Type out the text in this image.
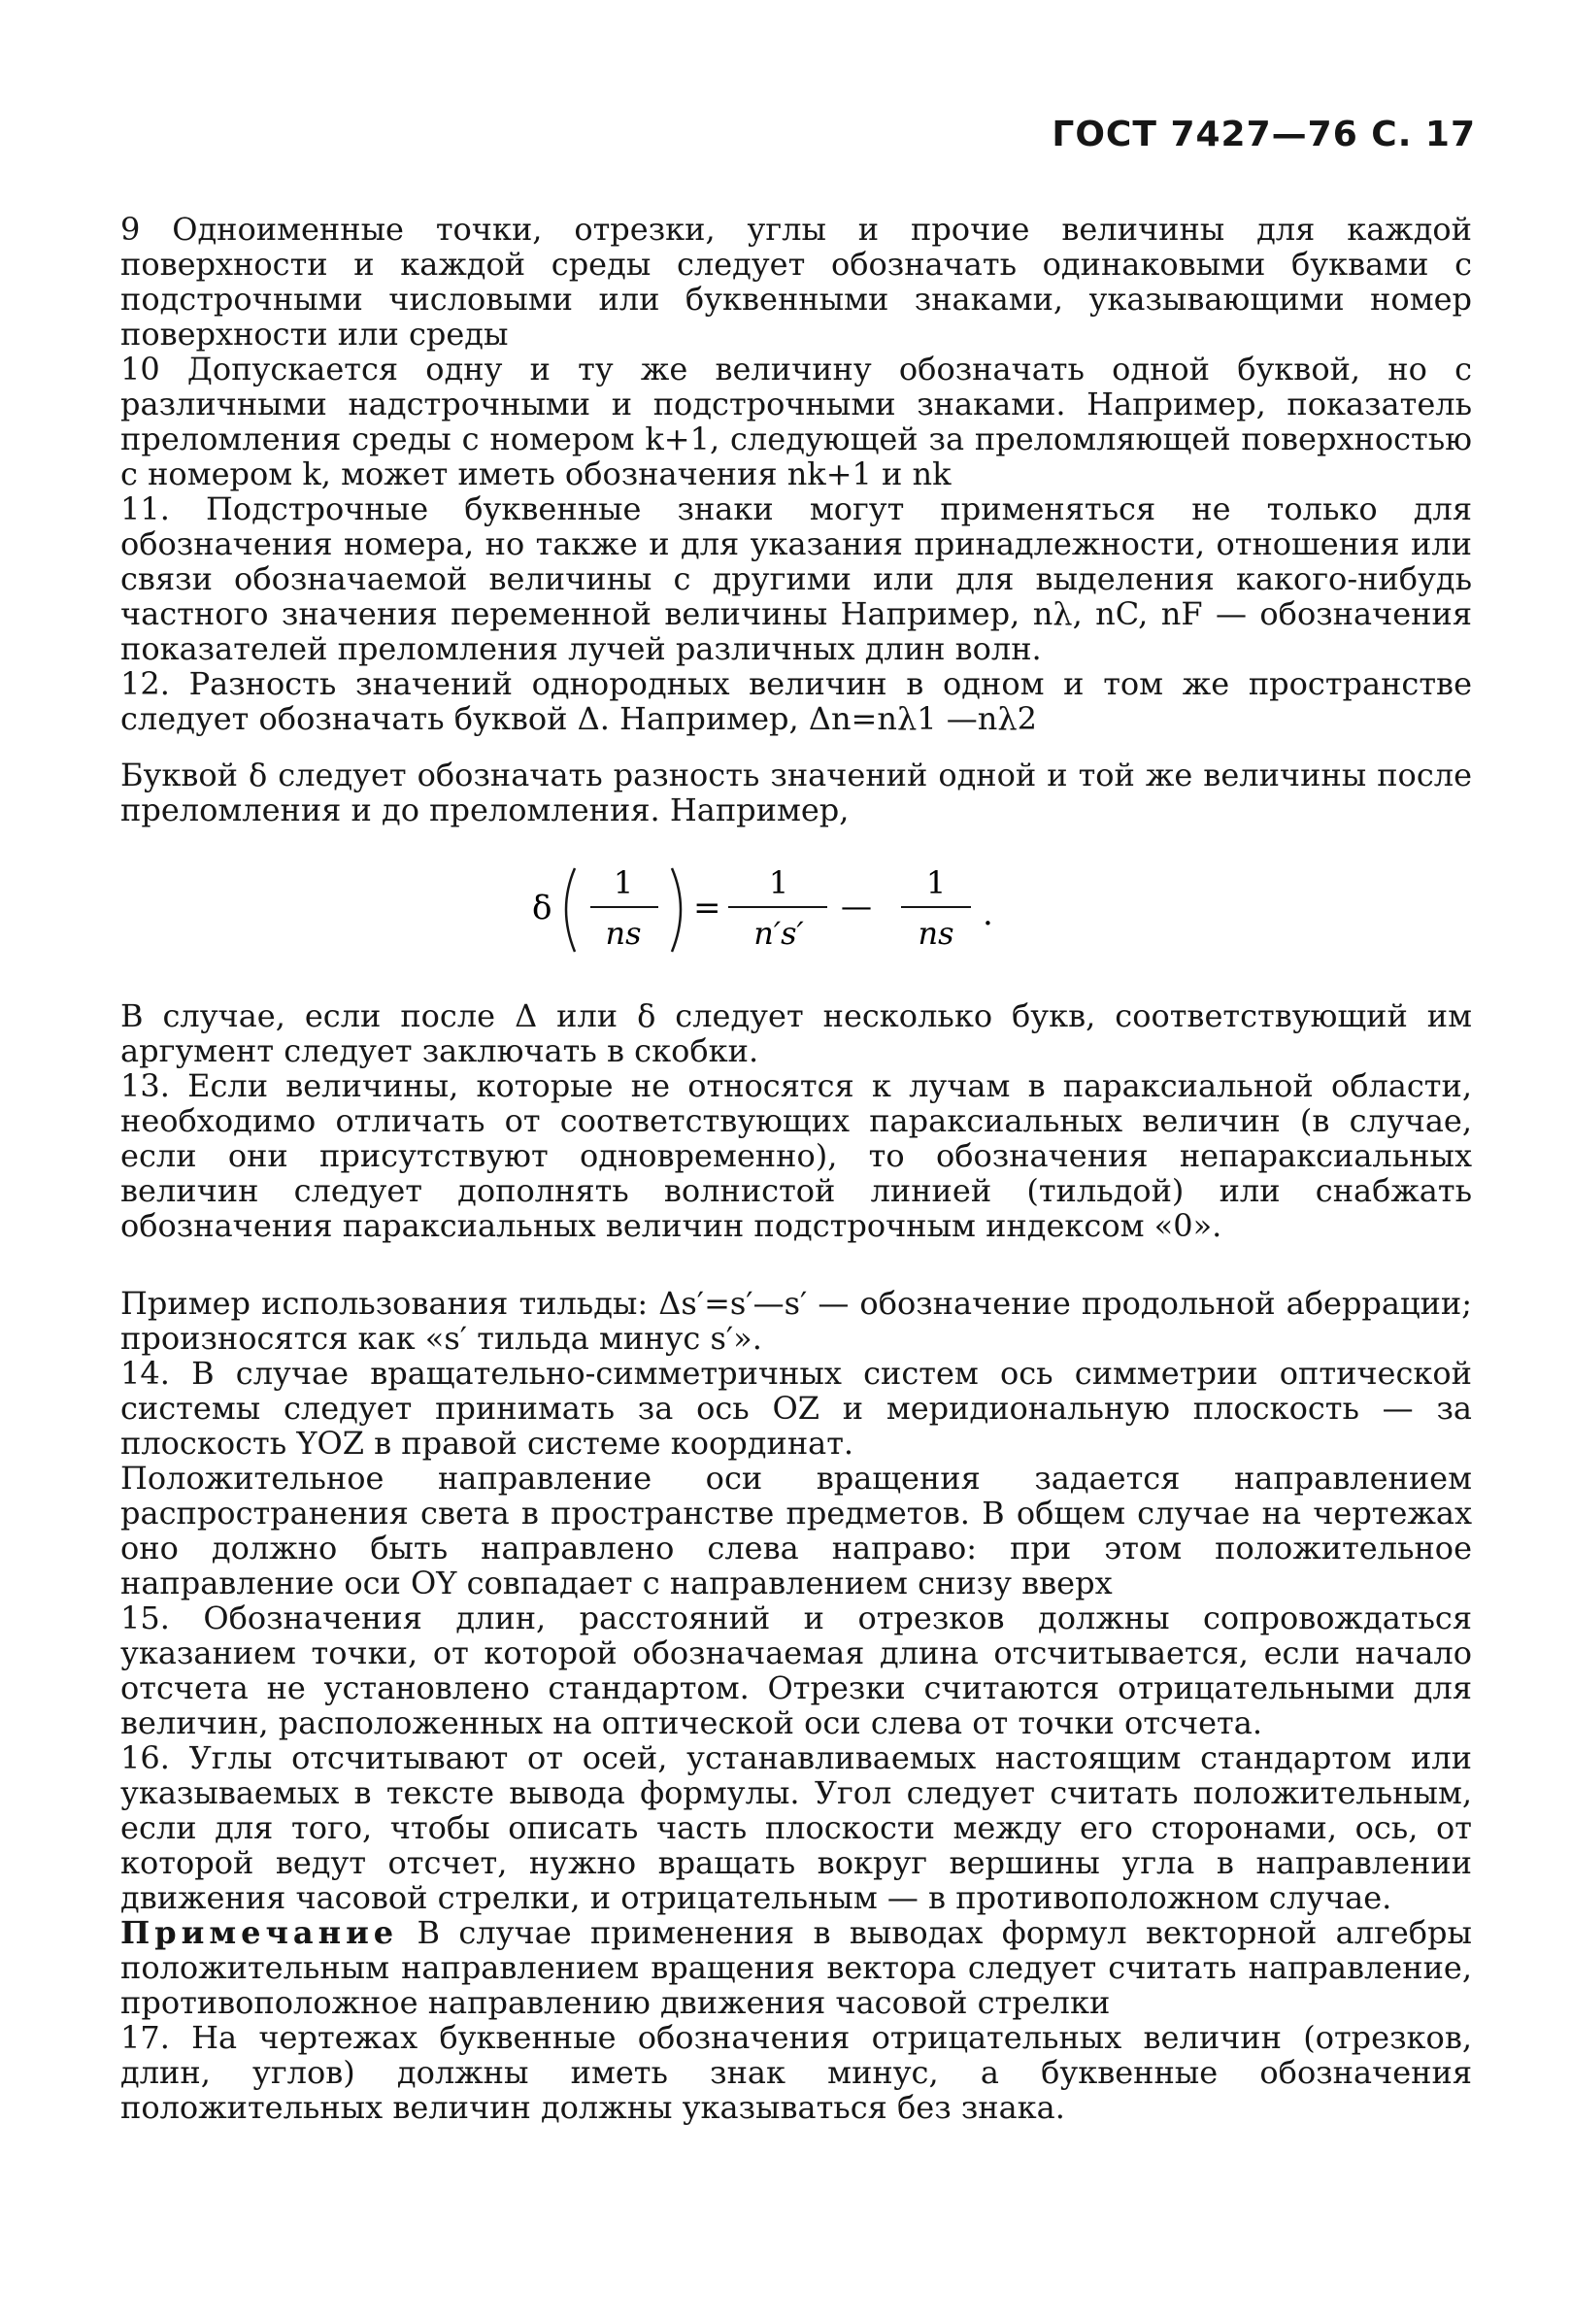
ГОСТ 7427—76 С. 17

9 Одноименные точки, отрезки, углы и прочие величины для каждой поверхности и каждой среды следует обозначать одинаковыми буквами с подстрочными числовыми или буквенными знаками, указывающими номер поверхности или среды

10 Допускается одну и ту же величину обозначать одной буквой, но с различными надстрочными и подстрочными знаками. Например, показатель преломления среды с номером k+1, следующей за преломляющей поверхностью с номером k, может иметь обозначения nk+1 и nk

11. Подстрочные буквенные знаки могут применяться не только для обозначения номера, но также и для указания принадлежности, отношения или связи обозначаемой величины с другими или для выделения какого-нибудь частного значения переменной величины Например, nλ, nC, nF — обозначения показателей преломления лучей различных длин волн.

12. Разность значений однородных величин в одном и том же пространстве следует обозначать буквой Δ. Например, Δn=nλ1 —nλ2

Буквой δ следует обозначать разность значений одной и той же величины после преломления и до преломления. Например,

δ
1
ns
=
1
n′s′
—
1
ns .

В случае, если после Δ или δ следует несколько букв, соответствующий им аргумент следует заключать в скобки.

13. Если величины, которые не относятся к лучам в параксиальной области, необходимо отличать от соответствующих параксиальных величин (в случае, если они присутствуют одновременно), то обозначения непараксиальных величин следует дополнять волнистой линией (тильдой) или снабжать обозначения параксиальных величин подстрочным индексом «0».

Пример использования тильды: Δs′=s′—s′ — обозначение продольной аберрации; произносятся как «s′ тильда минус s′».

14. В случае вращательно-симметричных систем ось симметрии оптической системы следует принимать за ось OZ и меридиональную плоскость — за плоскость YOZ в правой системе координат.

Положительное направление оси вращения задается направлением распространения света в пространстве предметов. В общем случае на чертежах оно должно быть направлено слева направо: при этом положительное направление оси OY совпадает с направлением снизу вверх

15. Обозначения длин, расстояний и отрезков должны сопровождаться указанием точки, от которой обозначаемая длина отсчитывается, если начало отсчета не установлено стандартом. Отрезки считаются отрицательными для величин, расположенных на оптической оси слева от точки отсчета.

16. Углы отсчитывают от осей, устанавливаемых настоящим стандартом или указываемых в тексте вывода формулы. Угол следует считать положительным, если для того, чтобы описать часть плоскости между его сторонами, ось, от которой ведут отсчет, нужно вращать вокруг вершины угла в направлении движения часовой стрелки, и отрицательным — в противоположном случае.

Примечание В случае применения в выводах формул векторной алгебры положительным направлением вращения вектора следует считать направление, противоположное направлению движения часовой стрелки

17. На чертежах буквенные обозначения отрицательных величин (отрезков, длин, углов) должны иметь знак минус, а буквенные обозначения положительных величин должны указываться без знака.
